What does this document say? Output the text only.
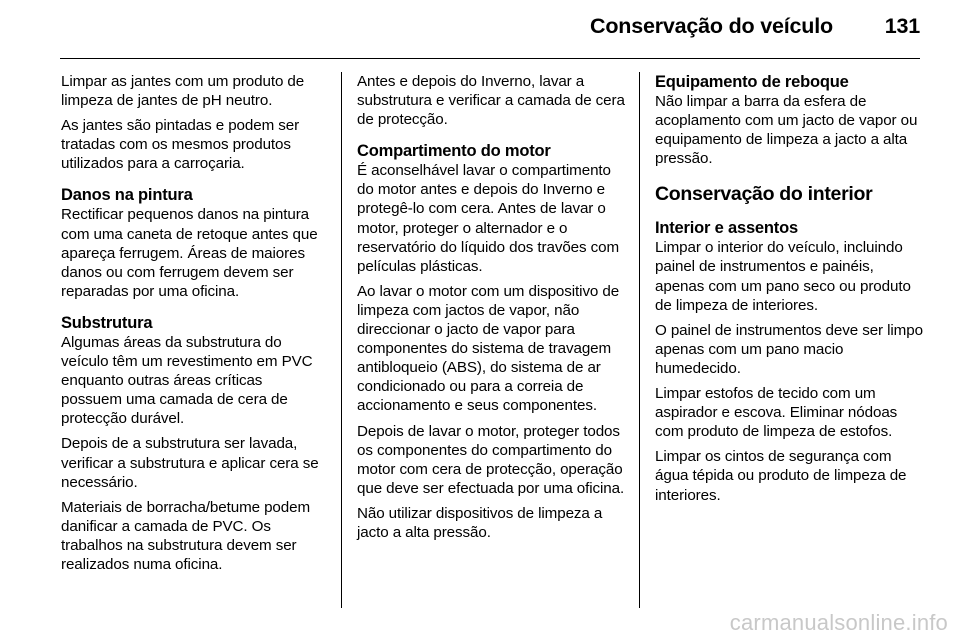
Conservação do veículo 131

Limpar as jantes com um produto de limpeza de jantes de pH neutro.

As jantes são pintadas e podem ser tratadas com os mesmos produtos utilizados para a carroçaria.

Danos na pintura

Rectificar pequenos danos na pintura com uma caneta de retoque antes que apareça ferrugem. Áreas de maiores danos ou com ferrugem devem ser reparadas por uma oficina.

Substrutura

Algumas áreas da substrutura do veículo têm um revestimento em PVC enquanto outras áreas críticas possuem uma camada de cera de protecção durável.

Depois de a substrutura ser lavada, verificar a substrutura e aplicar cera se necessário.

Materiais de borracha/betume podem danificar a camada de PVC. Os trabalhos na substrutura devem ser realizados numa oficina.

Antes e depois do Inverno, lavar a substrutura e verificar a camada de cera de protecção.

Compartimento do motor

É aconselhável lavar o compartimento do motor antes e depois do Inverno e protegê-lo com cera. Antes de lavar o motor, proteger o alternador e o reservatório do líquido dos travões com películas plásticas.

Ao lavar o motor com um dispositivo de limpeza com jactos de vapor, não direccionar o jacto de vapor para componentes do sistema de travagem antibloqueio (ABS), do sistema de ar condicionado ou para a correia de accionamento e seus componentes.

Depois de lavar o motor, proteger todos os componentes do compartimento do motor com cera de protecção, operação que deve ser efectuada por uma oficina.

Não utilizar dispositivos de limpeza a jacto a alta pressão.

Equipamento de reboque

Não limpar a barra da esfera de acoplamento com um jacto de vapor ou equipamento de limpeza a jacto a alta pressão.

Conservação do interior
Interior e assentos

Limpar o interior do veículo, incluindo painel de instrumentos e painéis, apenas com um pano seco ou produto de limpeza de interiores.

O painel de instrumentos deve ser limpo apenas com um pano macio humedecido.

Limpar estofos de tecido com um aspirador e escova. Eliminar nódoas com produto de limpeza de estofos.

Limpar os cintos de segurança com água tépida ou produto de limpeza de interiores.

carmanualsonline.info
